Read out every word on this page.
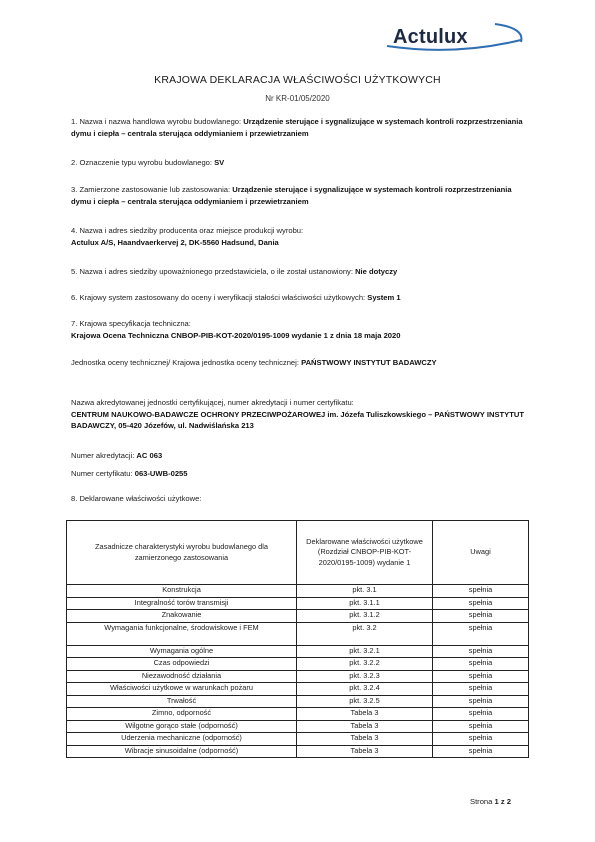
Actulux
KRAJOWA DEKLARACJA WŁAŚCIWOŚCI UŻYTKOWYCH
Nr KR-01/05/2020
1. Nazwa i nazwa handlowa wyrobu budowlanego: Urządzenie sterujące i sygnalizujące w systemach kontroli rozprzestrzeniania dymu i ciepła – centrala sterująca oddymianiem i przewietrzaniem
2. Oznaczenie typu wyrobu budowlanego: SV
3. Zamierzone zastosowanie lub zastosowania: Urządzenie sterujące i sygnalizujące w systemach kontroli rozprzestrzeniania dymu i ciepła – centrala sterująca oddymianiem i przewietrzaniem
4. Nazwa i adres siedziby producenta oraz miejsce produkcji wyrobu:
Actulux A/S, Haandvaerkervej 2, DK-5560 Hadsund, Dania
5. Nazwa i adres siedziby upoważnionego przedstawiciela, o ile został ustanowiony: Nie dotyczy
6. Krajowy system zastosowany do oceny i weryfikacji stałości właściwości użytkowych: System 1
7. Krajowa specyfikacja techniczna:
Krajowa Ocena Techniczna CNBOP-PIB-KOT-2020/0195-1009 wydanie 1 z dnia 18 maja 2020
Jednostka oceny technicznej/ Krajowa jednostka oceny technicznej: PAŃSTWOWY INSTYTUT BADAWCZY
Nazwa akredytowanej jednostki certyfikującej, numer akredytacji i numer certyfikatu:
CENTRUM NAUKOWO-BADAWCZE OCHRONY PRZECIWPOŻAROWEJ im. Józefa Tuliszkowskiego – PAŃSTWOWY INSTYTUT BADAWCZY, 05-420 Józefów, ul. Nadwiślańska 213
Numer akredytacji: AC 063
Numer certyfikatu: 063-UWB-0255
8. Deklarowane właściwości użytkowe:
Zasadnicze charakterystyki wyrobu budowlanego dla zamierzonego zastosowania	Deklarowane właściwości użytkowe (Rozdział CNBOP-PIB-KOT-2020/0195-1009) wydanie 1	Uwagi
Konstrukcja	pkt. 3.1	spełnia
Integralność torów transmisji	pkt. 3.1.1	spełnia
Znakowanie	pkt. 3.1.2	spełnia
Wymagania funkcjonalne, środowiskowe i FEM	pkt. 3.2	spełnia
Wymagania ogólne	pkt. 3.2.1	spełnia
Czas odpowiedzi	pkt. 3.2.2	spełnia
Niezawodność działania	pkt. 3.2.3	spełnia
Właściwości użytkowe w warunkach pożaru	pkt. 3.2.4	spełnia
Trwałość	pkt. 3.2.5	spełnia
Zimno, odporność	Tabela 3	spełnia
Wilgotne gorąco stałe (odporność)	Tabela 3	spełnia
Uderzenia mechaniczne (odporność)	Tabela 3	spełnia
Wibracje sinusoidalne (odporność)	Tabela 3	spełnia
Strona 1 z 2
